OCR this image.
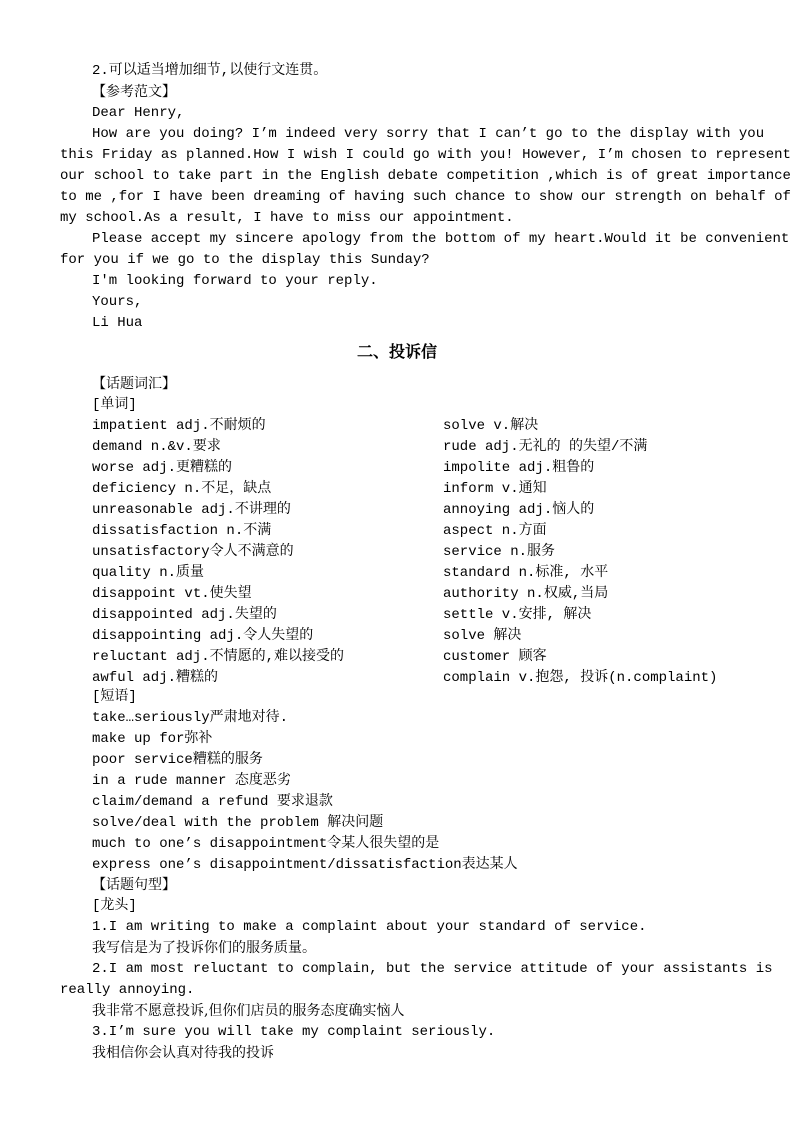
2.可以适当增加细节,以使行文连贯。
【参考范文】
Dear Henry,
How are you doing? I’m indeed very sorry that I can’t go to the display with you
this Friday as planned.How I wish I could go with you! However, I’m chosen to represent
our school to take part in the English debate competition ,which is of great importance
to me ,for I have been dreaming of having such chance to show our strength on behalf of
my school.As a result, I have to miss our appointment.
Please accept my sincere apology from the bottom of my heart.Would it be convenient
for you if we go to the display this Sunday?
I'm looking forward to your reply.
Yours,
Li Hua
二、投诉信
【话题词汇】
[单词]
impatient adj.不耐烦的
demand n.&v.要求
worse adj.更糟糕的
deficiency n.不足，缺点
unreasonable adj.不讲理的
dissatisfaction n.不满
unsatisfactory令人不满意的
quality n.质量
disappoint vt.使失望
disappointed adj.失望的
disappointing adj.令人失望的
reluctant adj.不情愿的,难以接受的
awful adj.糟糕的
solve v.解决
rude adj.无礼的 的失望/不满
impolite adj.粗鲁的
inform v.通知
annoying adj.恼人的
aspect n.方面
service n.服务
standard n.标准, 水平
authority n.权威,当局
settle v.安排, 解决
solve 解决
customer 顾客
complain v.抱怨, 投诉(n.complaint)
[短语]
take…seriously严肃地对待.
make up for弥补
poor service糟糕的服务
in a rude manner 态度恶劣
claim/demand a refund 要求退款
solve/deal with the problem 解决问题
much to one’s disappointment令某人很失望的是
express one’s disappointment/dissatisfaction表达某人
【话题句型】
[龙头]
1.I am writing to make a complaint about your standard of service.
我写信是为了投诉你们的服务质量。
2.I am most reluctant to complain, but the service attitude of your assistants is
really annoying.
我非常不愿意投诉,但你们店员的服务态度确实恼人
3.I’m sure you will take my complaint seriously.
我相信你会认真对待我的投诉
